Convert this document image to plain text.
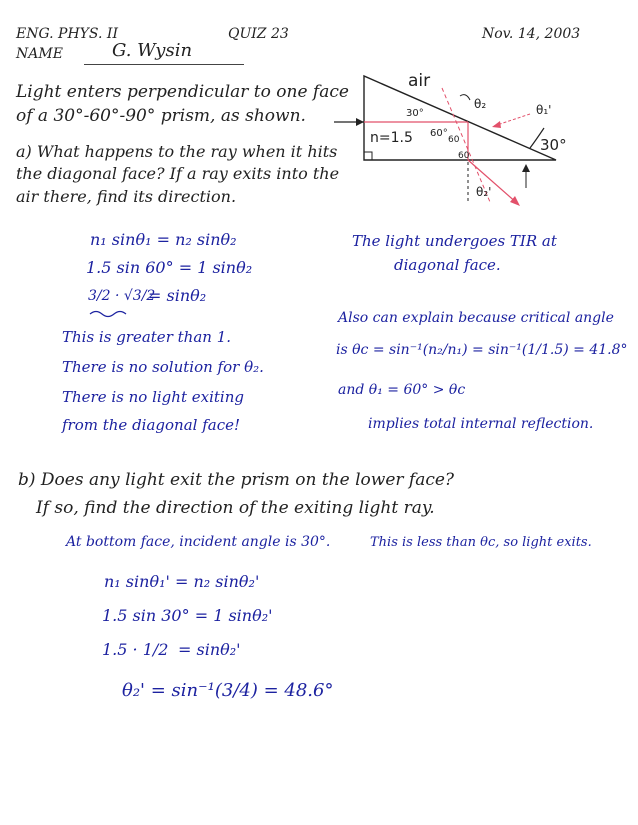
ENG. PHYS. II	QUIZ 23	Nov. 14, 2003
NAME	G. Wysin
Light enters perpendicular to one face
of a 30°-60°-90° prism, as shown.
a) What happens to the ray when it hits
the diagonal face? If a ray exits into the
air there, find its direction.
air
n=1.5
30°
60°
60
60
30°
θ₂	θ₁'
θ₂'
n₁ sinθ₁ = n₂ sinθ₂
1.5 sin 60° = 1 sinθ₂
3/2 · √3/2
= sinθ₂
This is greater than 1.
There is no solution for θ₂.
There is no light exiting
from the diagonal face!
The light undergoes TIR at
diagonal face.
Also can explain because critical angle
is θc = sin⁻¹(n₂/n₁) = sin⁻¹(1/1.5) = 41.8°
and θ₁ = 60° > θc
implies total internal reflection.
b) Does any light exit the prism on the lower face?
If so, find the direction of the exiting light ray.
At bottom face, incident angle is 30°.	This is less than θc, so light exits.
n₁ sinθ₁' = n₂ sinθ₂'
1.5 sin 30° = 1 sinθ₂'
1.5 · 1/2 = sinθ₂'
θ₂' = sin⁻¹(3/4) = 48.6°
